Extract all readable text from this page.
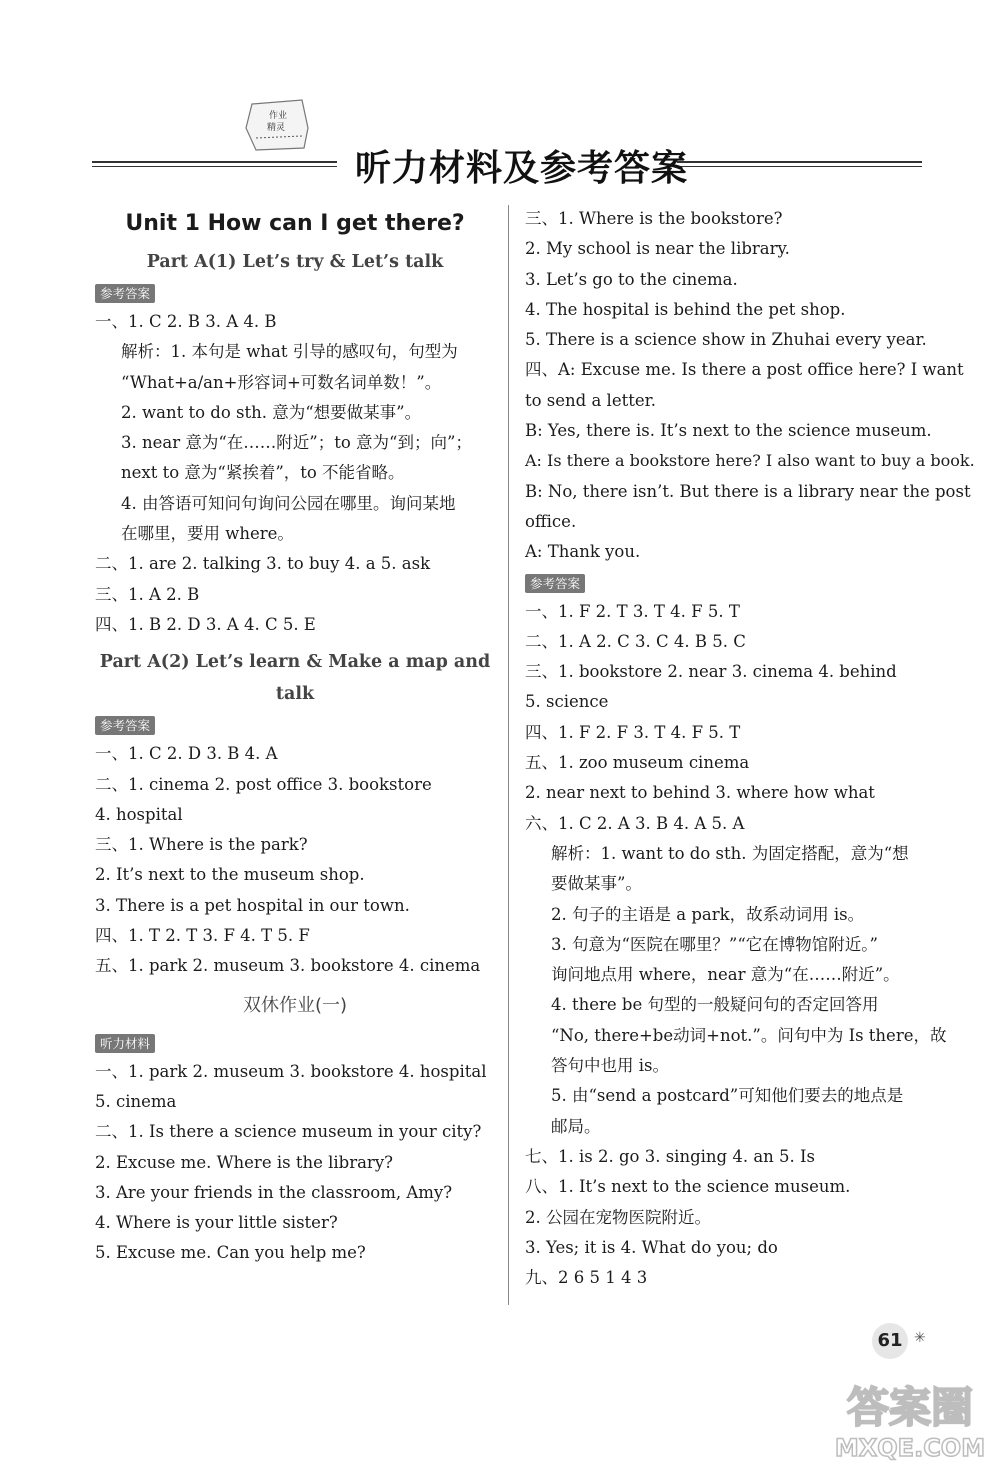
作业
精灵
听力材料及参考答案
Unit 1 How can I get there?
Part A(1) Let’s try & Let’s talk
参考答案
一、1. C 2. B 3. A 4. B
解析：1. 本句是 what 引导的感叹句，句型为
“What+a/an+形容词+可数名词单数！”。
2. want to do sth. 意为“想要做某事”。
3. near 意为“在……附近”；to 意为“到；向”；
next to 意为“紧挨着”，to 不能省略。
4. 由答语可知问句询问公园在哪里。询问某地
在哪里，要用 where。
二、1. are 2. talking 3. to buy 4. a 5. ask
三、1. A 2. B
四、1. B 2. D 3. A 4. C 5. E
Part A(2) Let’s learn & Make a map and
talk
参考答案
一、1. C 2. D 3. B 4. A
二、1. cinema 2. post office 3. bookstore
4. hospital
三、1. Where is the park?
2. It’s next to the museum shop.
3. There is a pet hospital in our town.
四、1. T 2. T 3. F 4. T 5. F
五、1. park 2. museum 3. bookstore 4. cinema
双休作业(一)
听力材料
一、1. park 2. museum 3. bookstore 4. hospital
5. cinema
二、1. Is there a science museum in your city?
2. Excuse me. Where is the library?
3. Are your friends in the classroom, Amy?
4. Where is your little sister?
5. Excuse me. Can you help me?
三、1. Where is the bookstore?
2. My school is near the library.
3. Let’s go to the cinema.
4. The hospital is behind the pet shop.
5. There is a science show in Zhuhai every year.
四、A: Excuse me. Is there a post office here? I want
to send a letter.
B: Yes, there is. It’s next to the science museum.
A: Is there a bookstore here? I also want to buy a book.
B: No, there isn’t. But there is a library near the post
office.
A: Thank you.
参考答案
一、1. F 2. T 3. T 4. F 5. T
二、1. A 2. C 3. C 4. B 5. C
三、1. bookstore 2. near 3. cinema 4. behind
5. science
四、1. F 2. F 3. T 4. F 5. T
五、1. zoo museum cinema
2. near next to behind 3. where how what
六、1. C 2. A 3. B 4. A 5. A
解析：1. want to do sth. 为固定搭配，意为“想
要做某事”。
2. 句子的主语是 a park，故系动词用 is。
3. 句意为“医院在哪里？”“它在博物馆附近。”
询问地点用 where，near 意为“在……附近”。
4. there be 句型的一般疑问句的否定回答用
“No, there+be动词+not.”。问句中为 Is there，故
答句中也用 is。
5. 由“send a postcard”可知他们要去的地点是
邮局。
七、1. is 2. go 3. singing 4. an 5. Is
八、1. It’s next to the science museum.
2. 公园在宠物医院附近。
3. Yes; it is 4. What do you; do
九、2 6 5 1 4 3
61 ✳
答案圈
MXQE.COM
